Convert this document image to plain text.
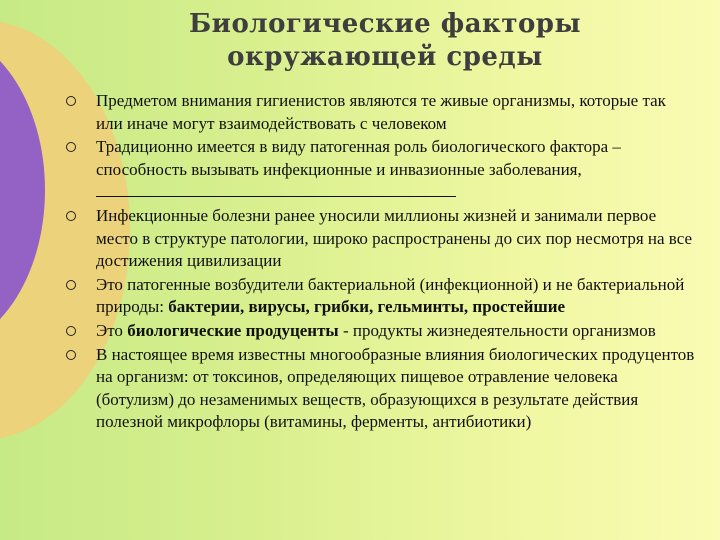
Биологические факторы
окружающей среды
Предметом внимания гигиенистов являются те живые организмы, которые так или иначе могут взаимодействовать с человеком
Традиционно имеется в виду патогенная роль биологического фактора – способность вызывать инфекционные и инвазионные заболевания,
Инфекционные болезни ранее уносили миллионы жизней и занимали первое место в структуре патологии, широко распространены до сих пор несмотря на все достижения цивилизации
Это патогенные возбудители бактериальной (инфекционной) и не бактериальной природы: бактерии, вирусы, грибки, гельминты, простейшие
Это биологические продуценты - продукты жизнедеятельности организмов
В настоящее время известны многообразные влияния биологических продуцентов на организм: от токсинов, определяющих пищевое отравление человека (ботулизм) до незаменимых веществ, образующихся в результате действия полезной микрофлоры (витамины, ферменты, антибиотики)
